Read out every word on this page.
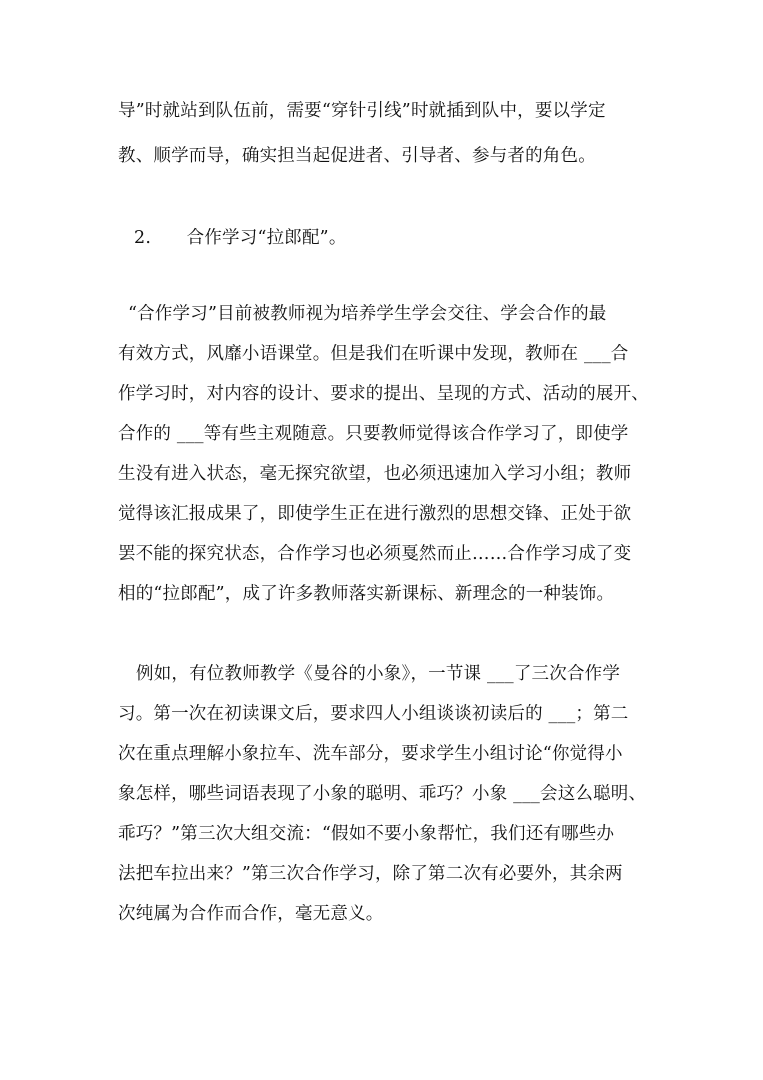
导”时就站到队伍前，需要“穿针引线”时就插到队中，要以学定
教、顺学而导，确实担当起促进者、引导者、参与者的角色。
2. 合作学习“拉郎配”。
“合作学习”目前被教师视为培养学生学会交往、学会合作的最
有效方式，风靡小语课堂。但是我们在听课中发现，教师在 ___合
作学习时，对内容的设计、要求的提出、呈现的方式、活动的展开、
合作的 ___等有些主观随意。只要教师觉得该合作学习了，即使学
生没有进入状态，毫无探究欲望，也必须迅速加入学习小组；教师
觉得该汇报成果了，即使学生正在进行激烈的思想交锋、正处于欲
罢不能的探究状态，合作学习也必须戛然而止……合作学习成了变
相的“拉郎配”，成了许多教师落实新课标、新理念的一种装饰。
例如，有位教师教学《曼谷的小象》，一节课 ___了三次合作学
习。第一次在初读课文后，要求四人小组谈谈初读后的 ___；第二
次在重点理解小象拉车、洗车部分，要求学生小组讨论“你觉得小
象怎样，哪些词语表现了小象的聪明、乖巧？小象 ___会这么聪明、
乖巧？”第三次大组交流：“假如不要小象帮忙，我们还有哪些办
法把车拉出来？”第三次合作学习，除了第二次有必要外，其余两
次纯属为合作而合作，毫无意义。
